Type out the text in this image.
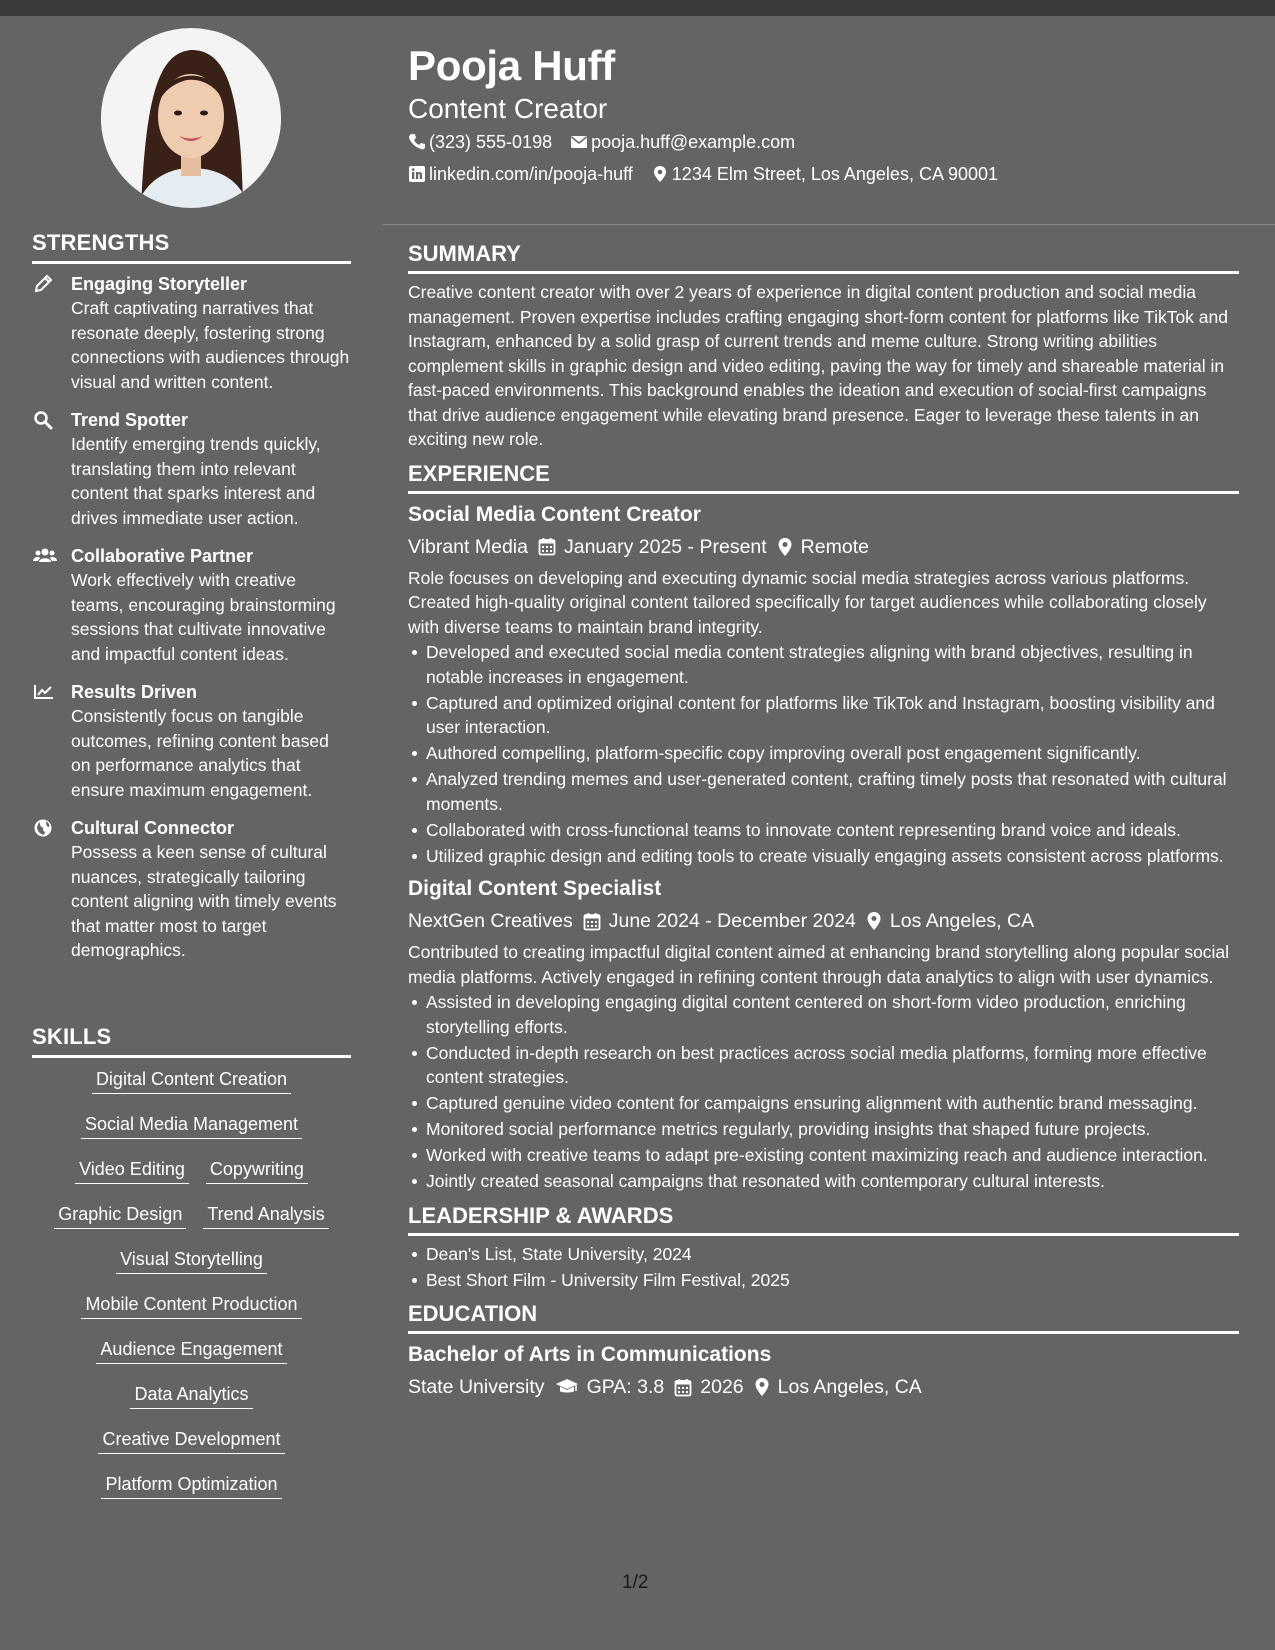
STRENGTHS
Engaging Storyteller
Craft captivating narratives that resonate deeply, fostering strong connections with audiences through visual and written content.
Trend Spotter
Identify emerging trends quickly, translating them into relevant content that sparks interest and drives immediate user action.
Collaborative Partner
Work effectively with creative teams, encouraging brainstorming sessions that cultivate innovative and impactful content ideas.
Results Driven
Consistently focus on tangible outcomes, refining content based on performance analytics that ensure maximum engagement.
Cultural Connector
Possess a keen sense of cultural nuances, strategically tailoring content aligning with timely events that matter most to target demographics.
SKILLS
Digital Content Creation
Social Media Management
Video Editing Copywriting
Graphic Design Trend Analysis
Visual Storytelling
Mobile Content Production
Audience Engagement
Data Analytics
Creative Development
Platform Optimization
Pooja Huff
Content Creator
(323) 555-0198 pooja.huff@example.com
linkedin.com/in/pooja-huff 1234 Elm Street, Los Angeles, CA 90001
SUMMARY
Creative content creator with over 2 years of experience in digital content production and social media management. Proven expertise includes crafting engaging short-form content for platforms like TikTok and Instagram, enhanced by a solid grasp of current trends and meme culture. Strong writing abilities complement skills in graphic design and video editing, paving the way for timely and shareable material in fast-paced environments. This background enables the ideation and execution of social-first campaigns that drive audience engagement while elevating brand presence. Eager to leverage these talents in an exciting new role.
EXPERIENCE
Social Media Content Creator
Vibrant Media January 2025 - Present Remote
Role focuses on developing and executing dynamic social media strategies across various platforms. Created high-quality original content tailored specifically for target audiences while collaborating closely with diverse teams to maintain brand integrity.
Developed and executed social media content strategies aligning with brand objectives, resulting in notable increases in engagement.
Captured and optimized original content for platforms like TikTok and Instagram, boosting visibility and user interaction.
Authored compelling, platform-specific copy improving overall post engagement significantly.
Analyzed trending memes and user-generated content, crafting timely posts that resonated with cultural moments.
Collaborated with cross-functional teams to innovate content representing brand voice and ideals.
Utilized graphic design and editing tools to create visually engaging assets consistent across platforms.
Digital Content Specialist
NextGen Creatives June 2024 - December 2024 Los Angeles, CA
Contributed to creating impactful digital content aimed at enhancing brand storytelling along popular social media platforms. Actively engaged in refining content through data analytics to align with user dynamics.
Assisted in developing engaging digital content centered on short-form video production, enriching storytelling efforts.
Conducted in-depth research on best practices across social media platforms, forming more effective content strategies.
Captured genuine video content for campaigns ensuring alignment with authentic brand messaging.
Monitored social performance metrics regularly, providing insights that shaped future projects.
Worked with creative teams to adapt pre-existing content maximizing reach and audience interaction.
Jointly created seasonal campaigns that resonated with contemporary cultural interests.
LEADERSHIP & AWARDS
Dean's List, State University, 2024
Best Short Film - University Film Festival, 2025
EDUCATION
Bachelor of Arts in Communications
State University GPA: 3.8 2026 Los Angeles, CA
1/2
